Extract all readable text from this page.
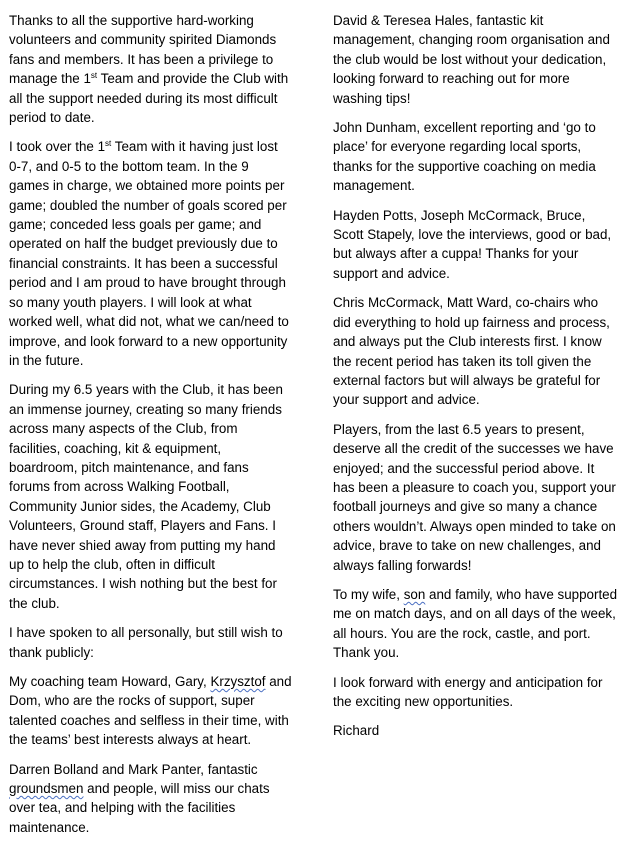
Thanks to all the supportive hard-working volunteers and community spirited Diamonds fans and members. It has been a privilege to manage the 1st Team and provide the Club with all the support needed during its most difficult period to date.

I took over the 1st Team with it having just lost 0-7, and 0-5 to the bottom team. In the 9 games in charge, we obtained more points per game; doubled the number of goals scored per game; conceded less goals per game; and operated on half the budget previously due to financial constraints. It has been a successful period and I am proud to have brought through so many youth players. I will look at what worked well, what did not, what we can/need to improve, and look forward to a new opportunity in the future.

During my 6.5 years with the Club, it has been an immense journey, creating so many friends across many aspects of the Club, from facilities, coaching, kit & equipment, boardroom, pitch maintenance, and fans forums from across Walking Football, Community Junior sides, the Academy, Club Volunteers, Ground staff, Players and Fans. I have never shied away from putting my hand up to help the club, often in difficult circumstances. I wish nothing but the best for the club.

I have spoken to all personally, but still wish to thank publicly:

My coaching team Howard, Gary, Krzysztof and Dom, who are the rocks of support, super talented coaches and selfless in their time, with the teams’ best interests always at heart.

Darren Bolland and Mark Panter, fantastic groundsmen and people, will miss our chats over tea, and helping with the facilities maintenance.

David & Teresea Hales, fantastic kit management, changing room organisation and the club would be lost without your dedication, looking forward to reaching out for more washing tips!

John Dunham, excellent reporting and ‘go to place’ for everyone regarding local sports, thanks for the supportive coaching on media management.

Hayden Potts, Joseph McCormack, Bruce, Scott Stapely, love the interviews, good or bad, but always after a cuppa! Thanks for your support and advice.

Chris McCormack, Matt Ward, co-chairs who did everything to hold up fairness and process, and always put the Club interests first. I know the recent period has taken its toll given the external factors but will always be grateful for your support and advice.

Players, from the last 6.5 years to present, deserve all the credit of the successes we have enjoyed; and the successful period above. It has been a pleasure to coach you, support your football journeys and give so many a chance others wouldn’t. Always open minded to take on advice, brave to take on new challenges, and always falling forwards!

To my wife, son and family, who have supported me on match days, and on all days of the week, all hours. You are the rock, castle, and port. Thank you.

I look forward with energy and anticipation for the exciting new opportunities.

Richard
